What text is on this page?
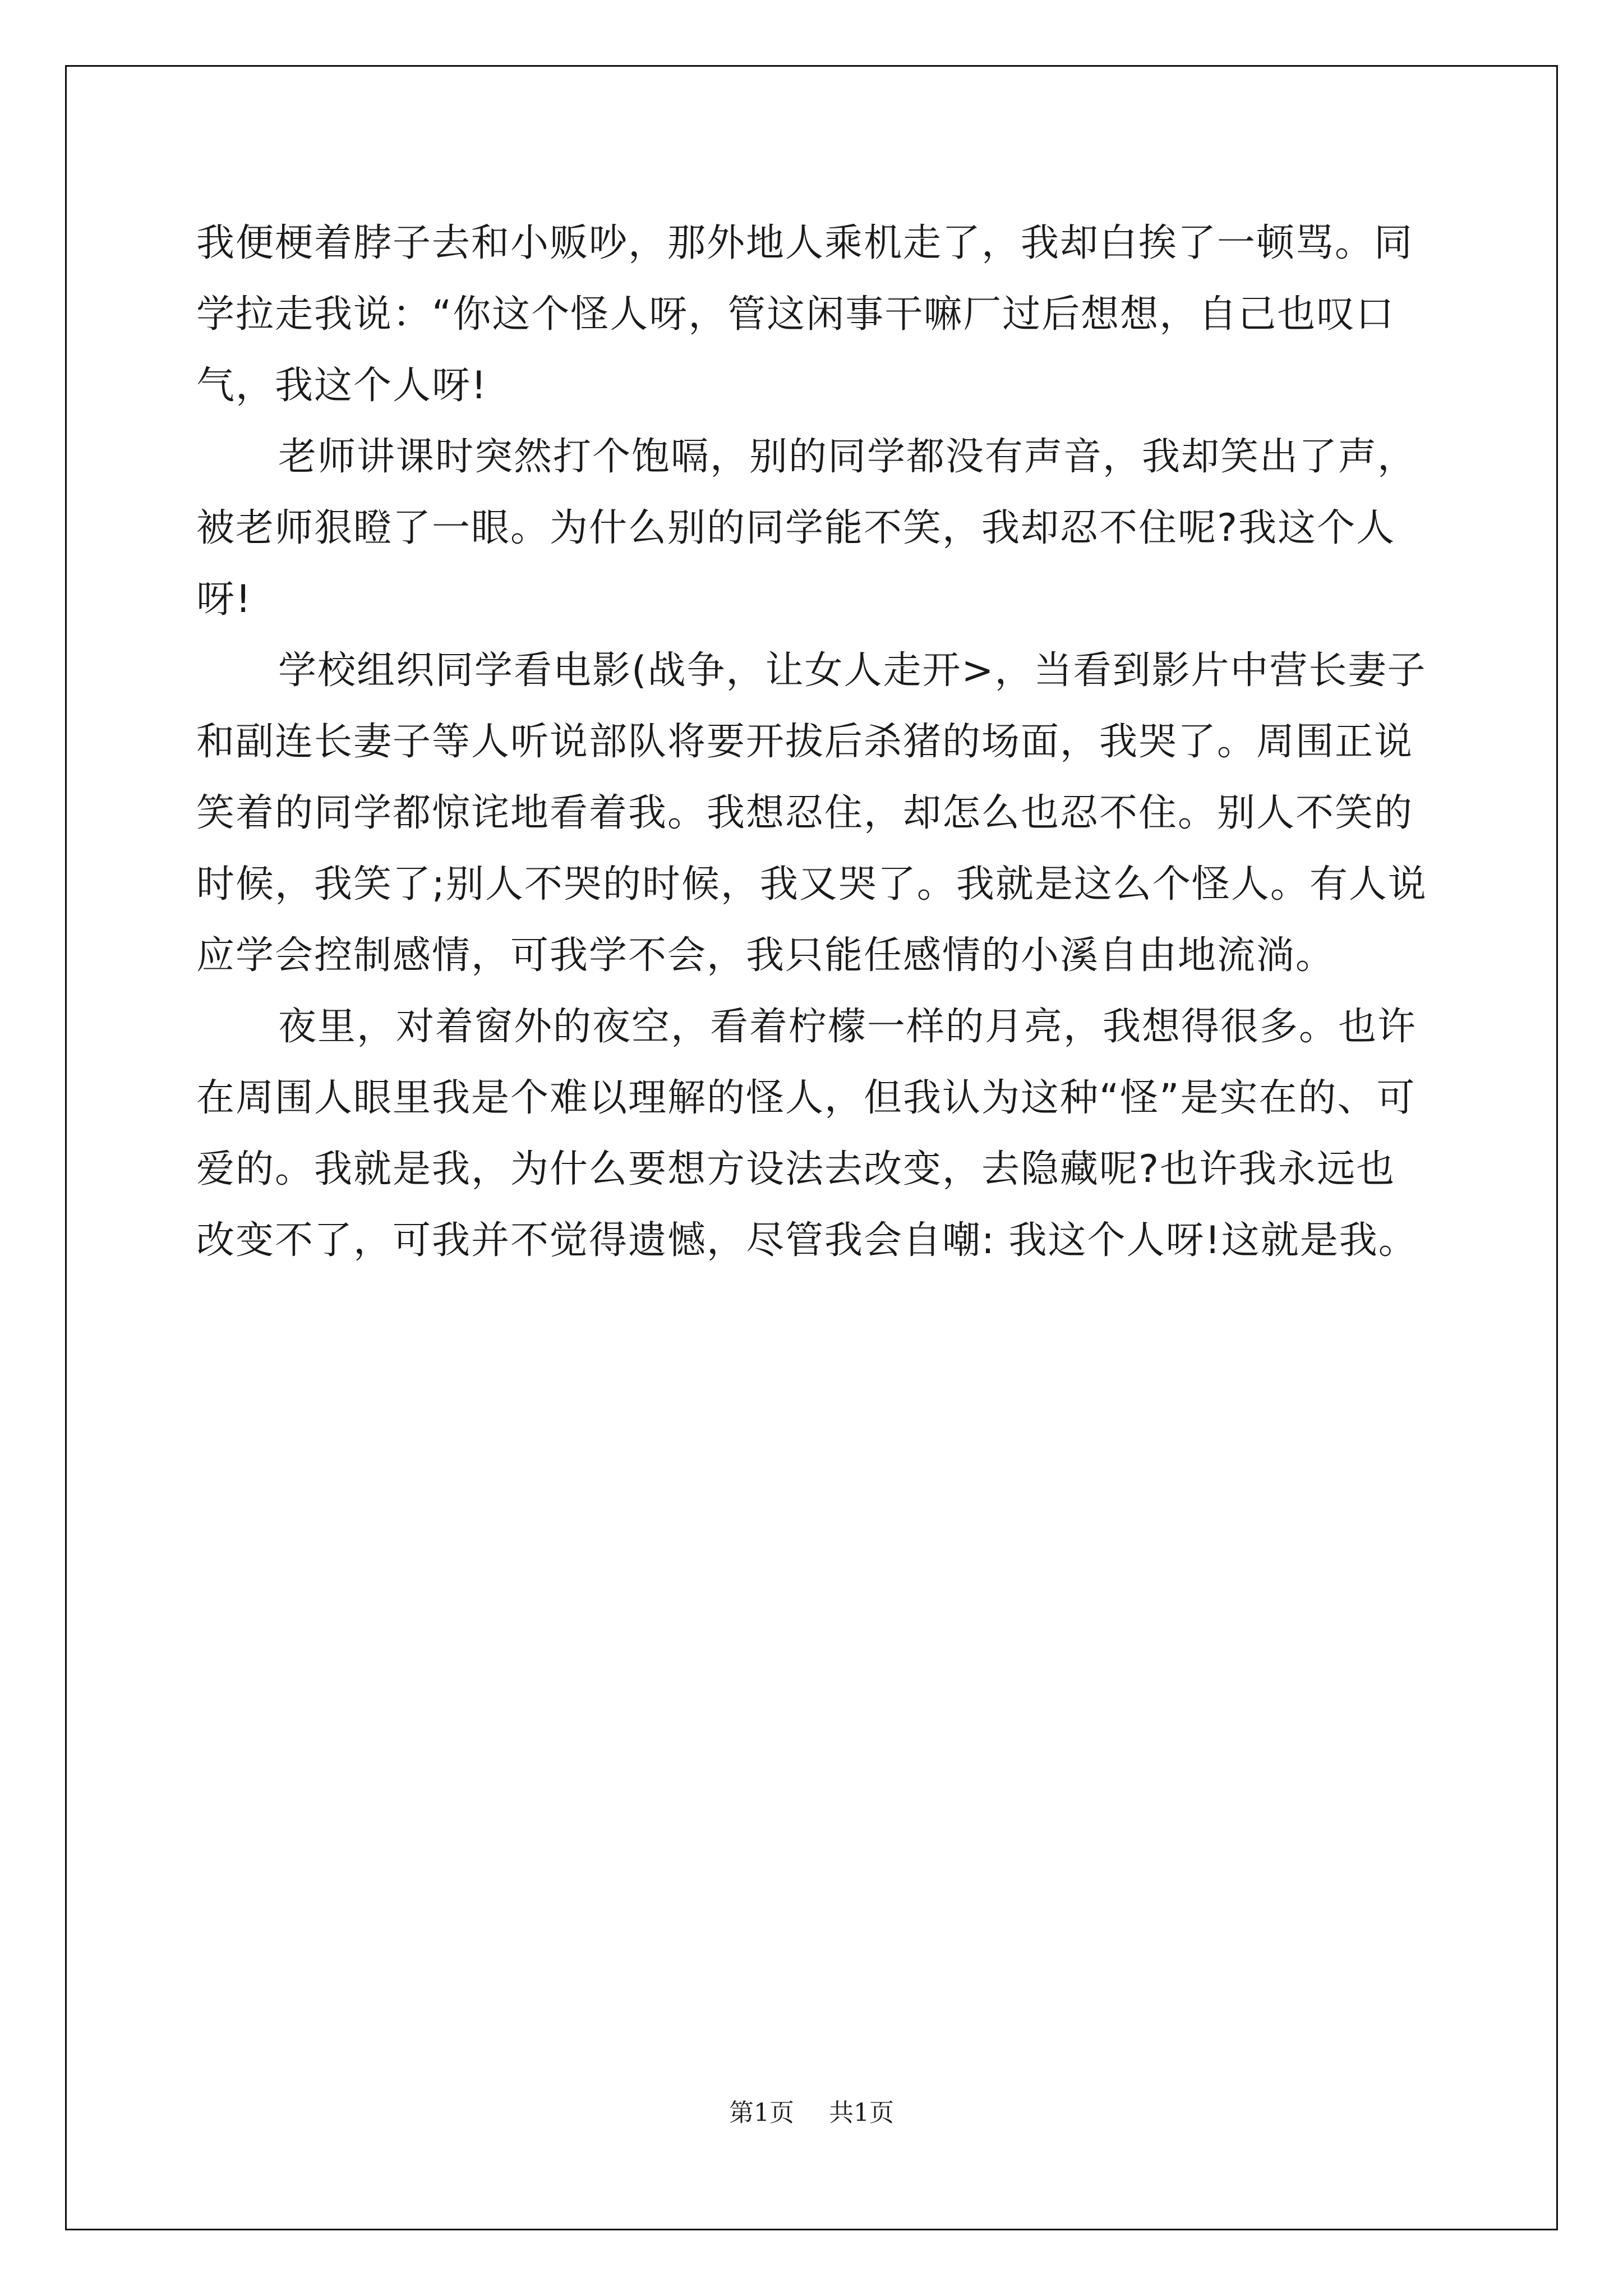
我便梗着脖子去和小贩吵，那外地人乘机走了，我却白挨了一顿骂。同学拉走我说：“你这个怪人呀，管这闲事干嘛厂过后想想，自己也叹口气，我这个人呀!

老师讲课时突然打个饱嗝，别的同学都没有声音，我却笑出了声，被老师狠瞪了一眼。为什么别的同学能不笑，我却忍不住呢?我这个人呀!

学校组织同学看电影(战争，让女人走开>，当看到影片中营长妻子和副连长妻子等人听说部队将要开拔后杀猪的场面，我哭了。周围正说笑着的同学都惊诧地看着我。我想忍住，却怎么也忍不住。别人不笑的时候，我笑了;别人不哭的时候，我又哭了。我就是这么个怪人。有人说应学会控制感情，可我学不会，我只能任感情的小溪自由地流淌。

夜里，对着窗外的夜空，看着柠檬一样的月亮，我想得很多。也许在周围人眼里我是个难以理解的怪人，但我认为这种“怪”是实在的、可爱的。我就是我，为什么要想方设法去改变，去隐藏呢?也许我永远也改变不了，可我并不觉得遗憾，尽管我会自嘲: 我这个人呀!这就是我。

第1页 共1页
